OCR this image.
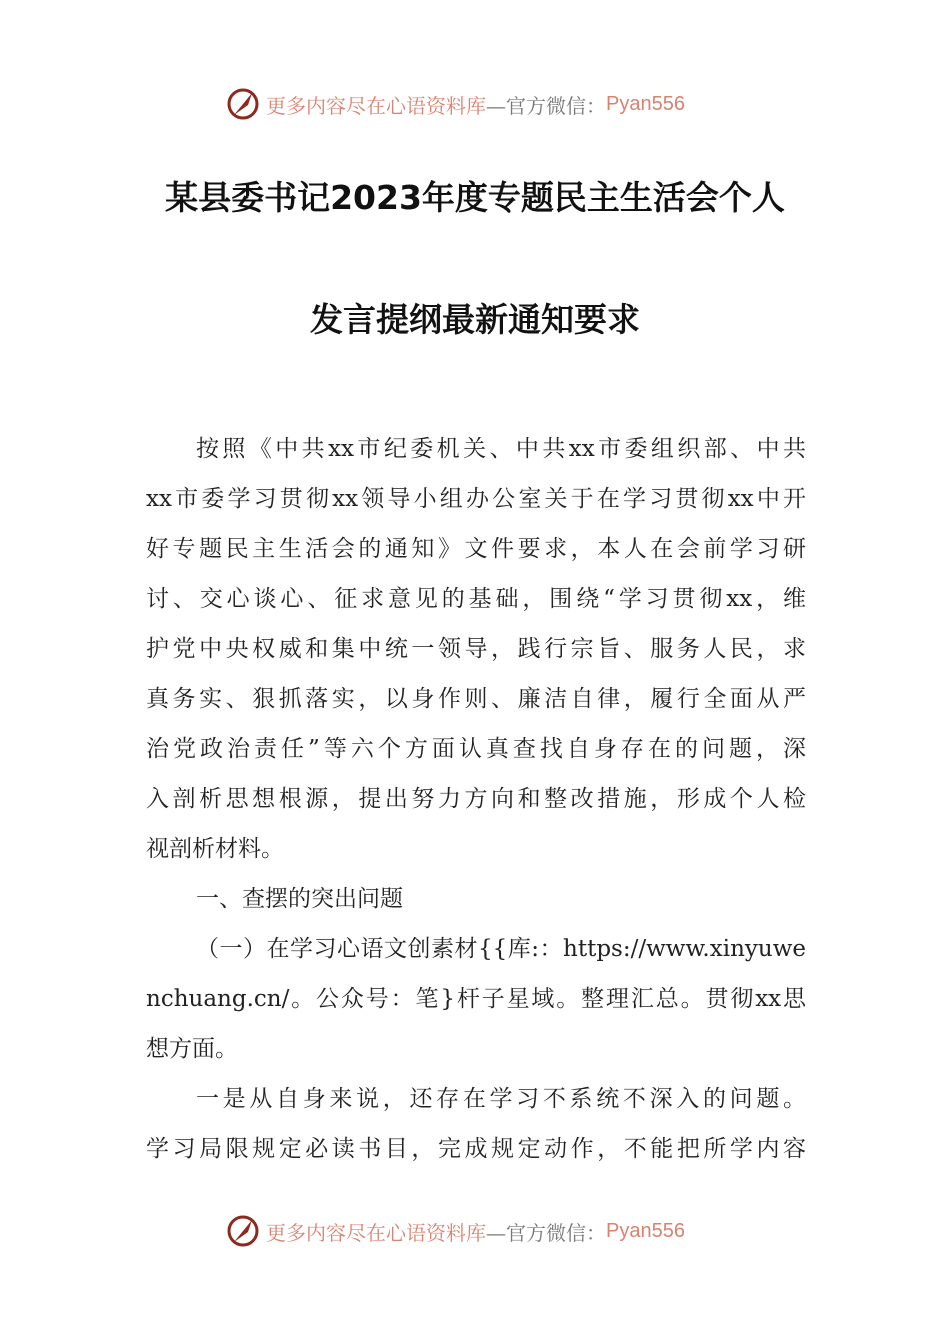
更多内容尽在心语资料库 —官方微信： Pyan556
某县委书记2023年度专题民主生活会个人
发言提纲最新通知要求
按照《中共xx市纪委机关、中共xx市委组织部、中共
xx市委学习贯彻xx领导小组办公室关于在学习贯彻xx中开
好专题民主生活会的通知》文件要求，本人在会前学习研
讨、交心谈心、征求意见的基础，围绕“学习贯彻xx，维
护党中央权威和集中统一领导，践行宗旨、服务人民，求
真务实、狠抓落实，以身作则、廉洁自律，履行全面从严
治党政治责任”等六个方面认真查找自身存在的问题，深
入剖析思想根源，提出努力方向和整改措施，形成个人检
视剖析材料。
一、查摆的突出问题
（一）在学习心语文创素材{{库:：https://www.xinyuwe
nchuang.cn/。公众号：笔}杆子星域。整理汇总。贯彻xx思
想方面。
一是从自身来说，还存在学习不系统不深入的问题。
学习局限规定必读书目，完成规定动作，不能把所学内容
更多内容尽在心语资料库 —官方微信： Pyan556
